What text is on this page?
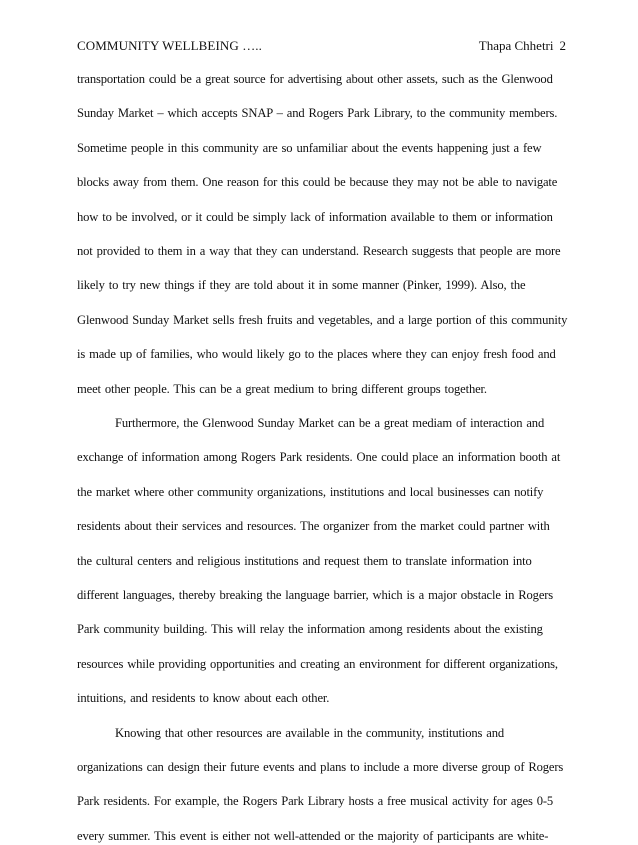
COMMUNITY WELLBEING …..	Thapa Chhetri 2
transportation could be a great source for advertising about other assets, such as the Glenwood
Sunday Market – which accepts SNAP – and Rogers Park Library, to the community members.
Sometime people in this community are so unfamiliar about the events happening just a few
blocks away from them. One reason for this could be because they may not be able to navigate
how to be involved, or it could be simply lack of information available to them or information
not provided to them in a way that they can understand. Research suggests that people are more
likely to try new things if they are told about it in some manner (Pinker, 1999). Also, the
Glenwood Sunday Market sells fresh fruits and vegetables, and a large portion of this community
is made up of families, who would likely go to the places where they can enjoy fresh food and
meet other people. This can be a great medium to bring different groups together.
Furthermore, the Glenwood Sunday Market can be a great mediam of interaction and
exchange of information among Rogers Park residents. One could place an information booth at
the market where other community organizations, institutions and local businesses can notify
residents about their services and resources. The organizer from the market could partner with
the cultural centers and religious institutions and request them to translate information into
different languages, thereby breaking the language barrier, which is a major obstacle in Rogers
Park community building. This will relay the information among residents about the existing
resources while providing opportunities and creating an environment for different organizations,
intuitions, and residents to know about each other.
Knowing that other resources are available in the community, institutions and
organizations can design their future events and plans to include a more diverse group of Rogers
Park residents. For example, the Rogers Park Library hosts a free musical activity for ages 0-5
every summer. This event is either not well-attended or the majority of participants are white-
